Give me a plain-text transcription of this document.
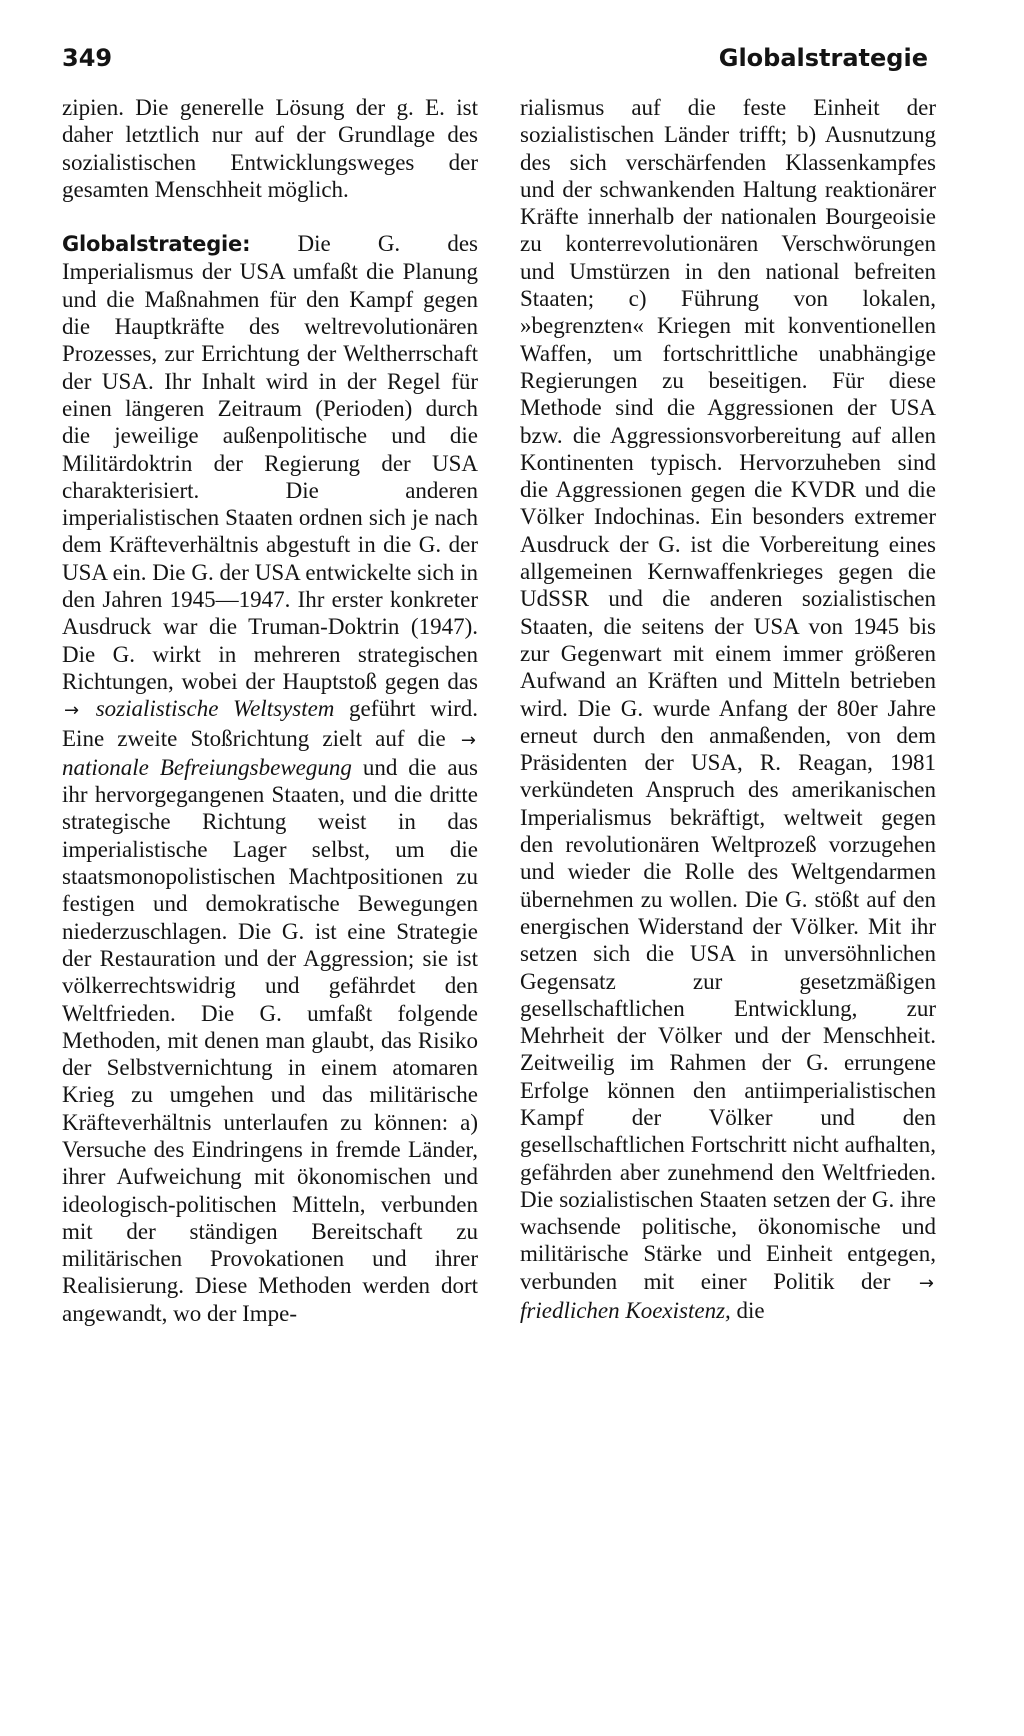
349	Globalstrategie

zipien. Die generelle Lösung der g. E. ist daher letztlich nur auf der Grundlage des sozialistischen Entwicklungsweges der gesamten Menschheit möglich.

Globalstrategie: Die G. des Imperialismus der USA umfaßt die Planung und die Maßnahmen für den Kampf gegen die Hauptkräfte des weltrevolutionären Prozesses, zur Errichtung der Weltherrschaft der USA. Ihr Inhalt wird in der Regel für einen längeren Zeitraum (Perioden) durch die jeweilige außenpolitische und die Militärdoktrin der Regierung der USA charakterisiert. Die anderen imperialistischen Staaten ordnen sich je nach dem Kräfteverhältnis abgestuft in die G. der USA ein. Die G. der USA entwickelte sich in den Jahren 1945—1947. Ihr erster konkreter Ausdruck war die Truman-Doktrin (1947). Die G. wirkt in mehreren strategischen Richtungen, wobei der Hauptstoß gegen das → sozialistische Weltsystem geführt wird. Eine zweite Stoßrichtung zielt auf die → nationale Befreiungsbewegung und die aus ihr hervorgegangenen Staaten, und die dritte strategische Richtung weist in das imperialistische Lager selbst, um die staatsmonopolistischen Machtpositionen zu festigen und demokratische Bewegungen niederzuschlagen. Die G. ist eine Strategie der Restauration und der Aggression; sie ist völkerrechtswidrig und gefährdet den Weltfrieden. Die G. umfaßt folgende Methoden, mit denen man glaubt, das Risiko der Selbstvernichtung in einem atomaren Krieg zu umgehen und das militärische Kräfteverhältnis unterlaufen zu können: a) Versuche des Eindringens in fremde Länder, ihrer Aufweichung mit ökonomischen und ideologisch-politischen Mitteln, verbunden mit der ständigen Bereitschaft zu militärischen Provokationen und ihrer Realisierung. Diese Methoden werden dort angewandt, wo der Impe-

rialismus auf die feste Einheit der sozialistischen Länder trifft; b) Ausnutzung des sich verschärfenden Klassenkampfes und der schwankenden Haltung reaktionärer Kräfte innerhalb der nationalen Bourgeoisie zu konterrevolutionären Verschwörungen und Umstürzen in den national befreiten Staaten; c) Führung von lokalen, »begrenzten« Kriegen mit konventionellen Waffen, um fortschrittliche unabhängige Regierungen zu beseitigen. Für diese Methode sind die Aggressionen der USA bzw. die Aggressionsvorbereitung auf allen Kontinenten typisch. Hervorzuheben sind die Aggressionen gegen die KVDR und die Völker Indochinas. Ein besonders extremer Ausdruck der G. ist die Vorbereitung eines allgemeinen Kernwaffenkrieges gegen die UdSSR und die anderen sozialistischen Staaten, die seitens der USA von 1945 bis zur Gegenwart mit einem immer größeren Aufwand an Kräften und Mitteln betrieben wird. Die G. wurde Anfang der 80er Jahre erneut durch den anmaßenden, von dem Präsidenten der USA, R. Reagan, 1981 verkündeten Anspruch des amerikanischen Imperialismus bekräftigt, weltweit gegen den revolutionären Weltprozeß vorzugehen und wieder die Rolle des Weltgendarmen übernehmen zu wollen. Die G. stößt auf den energischen Widerstand der Völker. Mit ihr setzen sich die USA in unversöhnlichen Gegensatz zur gesetzmäßigen gesellschaftlichen Entwicklung, zur Mehrheit der Völker und der Menschheit. Zeitweilig im Rahmen der G. errungene Erfolge können den antiimperialistischen Kampf der Völker und den gesellschaftlichen Fortschritt nicht aufhalten, gefährden aber zunehmend den Weltfrieden. Die sozialistischen Staaten setzen der G. ihre wachsende politische, ökonomische und militärische Stärke und Einheit entgegen, verbunden mit einer Politik der → friedlichen Koexistenz, die
